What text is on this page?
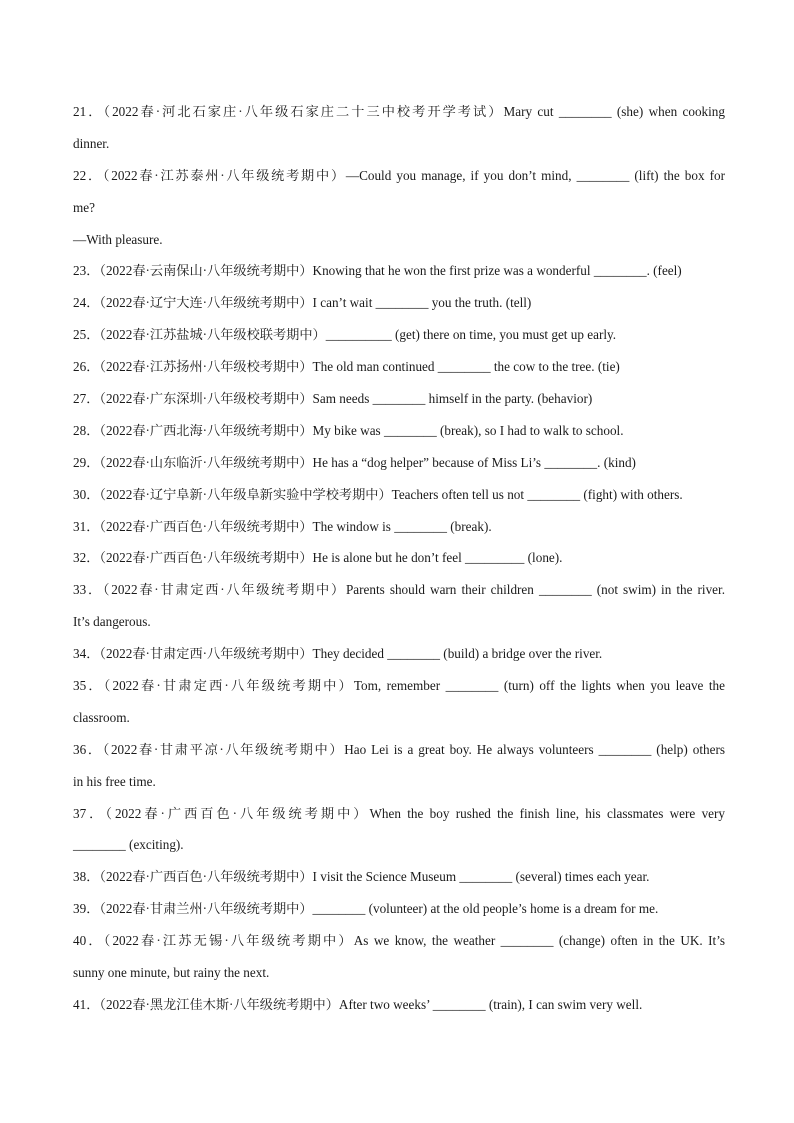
21．（2022春·河北石家庄·八年级石家庄二十三中校考开学考试）Mary cut ________ (she) when cooking
dinner.
22．（2022春·江苏泰州·八年级统考期中）—Could you manage, if you don’t mind, ________ (lift) the box for
me?
—With pleasure.
23．（2022春·云南保山·八年级统考期中）Knowing that he won the first prize was a wonderful ________. (feel)
24．（2022春·辽宁大连·八年级统考期中）I can’t wait ________ you the truth. (tell)
25．（2022春·江苏盐城·八年级校联考期中）__________ (get) there on time, you must get up early.
26．（2022春·江苏扬州·八年级校考期中）The old man continued ________ the cow to the tree. (tie)
27．（2022春·广东深圳·八年级校考期中）Sam needs ________ himself in the party. (behavior)
28．（2022春·广西北海·八年级统考期中）My bike was ________ (break), so I had to walk to school.
29．（2022春·山东临沂·八年级统考期中）He has a “dog helper” because of Miss Li’s ________. (kind)
30．（2022春·辽宁阜新·八年级阜新实验中学校考期中）Teachers often tell us not ________ (fight) with others.
31．（2022春·广西百色·八年级统考期中）The window is ________ (break).
32．（2022春·广西百色·八年级统考期中）He is alone but he don’t feel _________ (lone).
33．（2022春·甘肃定西·八年级统考期中）Parents should warn their children ________ (not swim) in the river.
It’s dangerous.
34．（2022春·甘肃定西·八年级统考期中）They decided ________ (build) a bridge over the river.
35．（2022春·甘肃定西·八年级统考期中）Tom, remember ________ (turn) off the lights when you leave the
classroom.
36．（2022春·甘肃平凉·八年级统考期中）Hao Lei is a great boy. He always volunteers ________ (help) others
in his free time.
37．（2022春·广西百色·八年级统考期中）When the boy rushed the finish line, his classmates were very
________ (exciting).
38．（2022春·广西百色·八年级统考期中）I visit the Science Museum ________ (several) times each year.
39．（2022春·甘肃兰州·八年级统考期中）________ (volunteer) at the old people’s home is a dream for me.
40．（2022春·江苏无锡·八年级统考期中）As we know, the weather ________ (change) often in the UK. It’s
sunny one minute, but rainy the next.
41．（2022春·黑龙江佳木斯·八年级统考期中）After two weeks’ ________ (train), I can swim very well.
